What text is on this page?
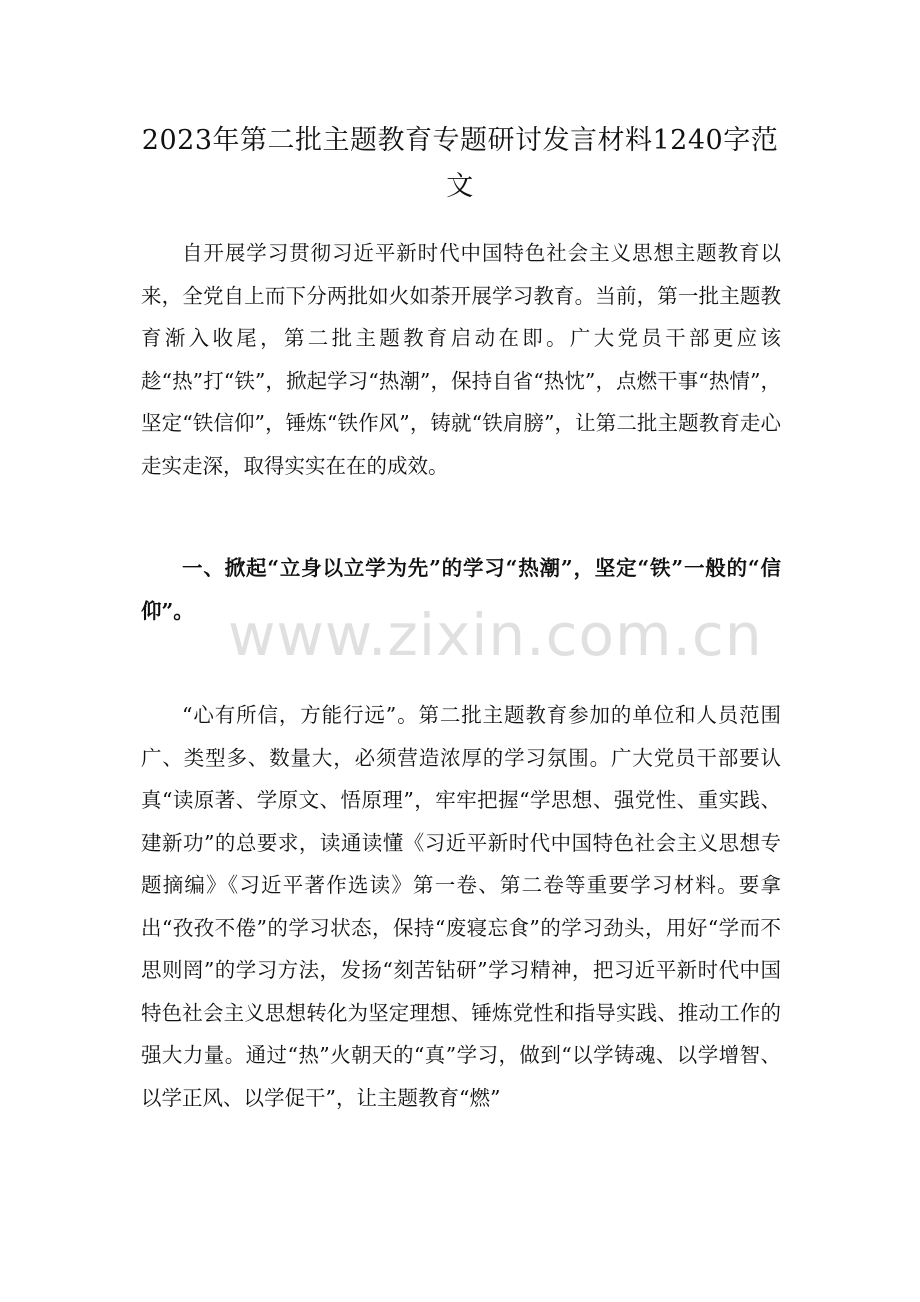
2023年第二批主题教育专题研讨发言材料1240字范文

自开展学习贯彻习近平新时代中国特色社会主义思想主题教育以来，全党自上而下分两批如火如荼开展学习教育。当前，第一批主题教育渐入收尾，第二批主题教育启动在即。广大党员干部更应该趁“热”打“铁”，掀起学习“热潮”，保持自省“热忱”，点燃干事“热情”，坚定“铁信仰”，锤炼“铁作风”，铸就“铁肩膀”，让第二批主题教育走心走实走深，取得实实在在的成效。

一、掀起“立身以立学为先”的学习“热潮”，坚定“铁”一般的“信仰”。 www.zixin.com.cn

“心有所信，方能行远”。第二批主题教育参加的单位和人员范围广、类型多、数量大，必须营造浓厚的学习氛围。广大党员干部要认真“读原著、学原文、悟原理”，牢牢把握“学思想、强党性、重实践、建新功”的总要求，读通读懂《习近平新时代中国特色社会主义思想专题摘编》《习近平著作选读》第一卷、第二卷等重要学习材料。要拿出“孜孜不倦”的学习状态，保持“废寝忘食”的学习劲头，用好“学而不思则罔”的学习方法，发扬“刻苦钻研”学习精神，把习近平新时代中国特色社会主义思想转化为坚定理想、锤炼党性和指导实践、推动工作的强大力量。通过“热”火朝天的“真”学习，做到“以学铸魂、以学增智、以学正风、以学促干”，让主题教育“燃”
